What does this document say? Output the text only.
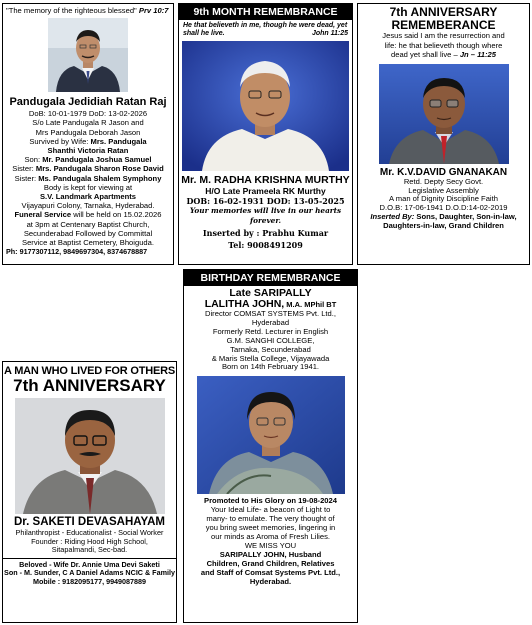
"The memory of the righteous blessed" Prv 10:7
Pandugala Jedidiah Ratan Raj
DoB: 10-01-1979 DoD: 13-02-2026
S/o Late Pandugala R Jason and
Mrs Pandugala Deborah Jason
Survived by Wife: Mrs. Pandugala
Shanthi Victoria Ratan
Son: Mr. Pandugala Joshua Samuel
Sister: Mrs. Pandugala Sharon Rose David
Sister: Ms. Pandugala Shalem Symphony
Body is kept for viewing at
S.V. Landmark Apartments
Vijayapuri Colony, Tarnaka, Hyderabad.
Funeral Service will be held on 15.02.2026
at 3pm at Centenary Baptist Church,
Secunderabad Followed by Committal
Service at Baptist Cemetery, Bhoiguda.
Ph: 9177307112, 9849697304, 8374678887
9th MONTH REMEMBRANCE
He that believeth in me, though he were dead, yet shall he live.	John 11:25
Mr. M. RADHA KRISHNA MURTHY
H/O Late Prameela RK Murthy
DOB: 16-02-1931 DOD: 13-05-2025
Your memories will live in our hearts forever.
Inserted by : Prabhu Kumar
Tel: 9008491209
7th ANNIVERSARY
REMEMBERANCE
Jesus said I am the resurrection and
life: he that believeth though where
dead yet shall live – Jn – 11:25
Mr. K.V.DAVID GNANAKAN
Retd. Depty Secy Govt.
Legislative Assembly
A man of Dignity Discipline Faith
D.O.B: 17-06-1941 D.O.D:14-02-2019
Inserted By: Sons, Daughter, Son-in-law,
Daughters-in-law, Grand Children
BIRTHDAY REMEMBRANCE
Late SARIPALLY
LALITHA JOHN, M.A. MPhil BT
Director COMSAT SYSTEMS Pvt. Ltd.,
Hyderabad
Formerly Retd. Lecturer in English
G.M. SANGHI COLLEGE,
Tarnaka, Secunderabad
& Maris Stella College, Vijayawada
Born on 14th February 1941.
Promoted to His Glory on 19-08-2024
Your Ideal Life- a beacon of Light to
many- to emulate. The very thought of
you bring sweet memories, lingering in
our minds as Aroma of Fresh Lilies.
WE MISS YOU
SARIPALLY JOHN, Husband
Children, Grand Children, Relatives
and Staff of Comsat Systems Pvt. Ltd.,
Hyderabad.
A MAN WHO LIVED FOR OTHERS
7th ANNIVERSARY
Dr. SAKETI DEVASAHAYAM
Philanthropist - Educationalist - Social Worker
Founder : Riding Hood High School,
Sitapalmandi, Sec-bad.
Beloved - Wife Dr. Annie Uma Devi Saketi
Son - M. Sunder, C A Daniel Adams NCIC & Family
Mobile : 9182095177, 9949087889
